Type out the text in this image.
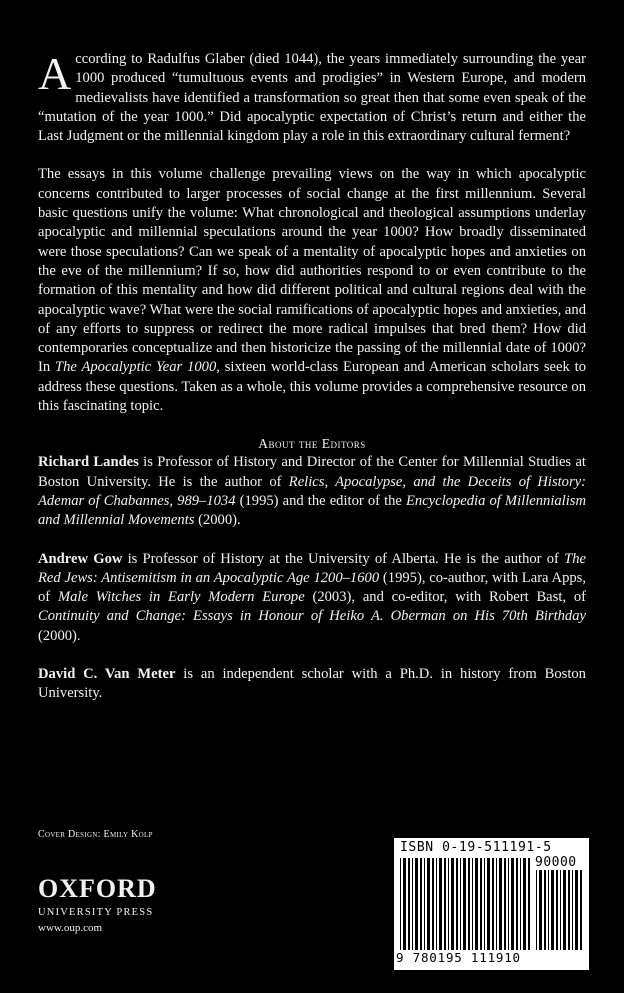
According to Radulfus Glaber (died 1044), the years immediately surrounding the year 1000 produced “tumultuous events and prodigies” in Western Europe, and modern medievalists have identified a transformation so great then that some even speak of the “mutation of the year 1000.” Did apocalyptic expectation of Christ’s return and either the Last Judgment or the millennial kingdom play a role in this extraordinary cultural ferment?

The essays in this volume challenge prevailing views on the way in which apocalyptic concerns contributed to larger processes of social change at the first millennium. Several basic questions unify the volume: What chronological and theological assumptions underlay apocalyptic and millennial speculations around the year 1000? How broadly disseminated were those speculations? Can we speak of a mentality of apocalyptic hopes and anxieties on the eve of the millennium? If so, how did authorities respond to or even contribute to the formation of this mentality and how did different political and cultural regions deal with the apocalyptic wave? What were the social ramifications of apocalyptic hopes and anxieties, and of any efforts to suppress or redirect the more radical impulses that bred them? How did contemporaries conceptualize and then historicize the passing of the millennial date of 1000? In The Apocalyptic Year 1000, sixteen world-class European and American scholars seek to address these questions. Taken as a whole, this volume provides a comprehensive resource on this fascinating topic.

About the Editors

Richard Landes is Professor of History and Director of the Center for Millennial Studies at Boston University. He is the author of Relics, Apocalypse, and the Deceits of History: Ademar of Chabannes, 989–1034 (1995) and the editor of the Encyclopedia of Millennialism and Millennial Movements (2000).

Andrew Gow is Professor of History at the University of Alberta. He is the author of The Red Jews: Antisemitism in an Apocalyptic Age 1200–1600 (1995), co-author, with Lara Apps, of Male Witches in Early Modern Europe (2003), and co-editor, with Robert Bast, of Continuity and Change: Essays in Honour of Heiko A. Oberman on His 70th Birthday (2000).

David C. Van Meter is an independent scholar with a Ph.D. in history from Boston University.

Cover Design: Emily Kolp
OXFORD
UNIVERSITY PRESS
www.oup.com
ISBN 0-19-511191-5
90000
9 780195 111910
